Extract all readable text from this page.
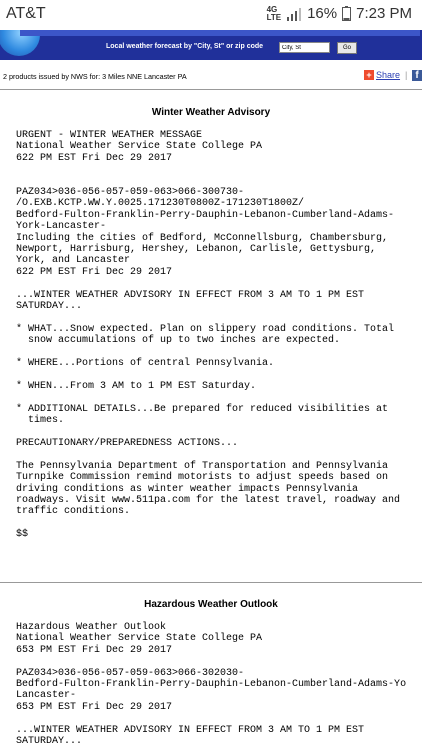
AT&T	4G
LTE 16% 7:23 PM
Local weather forecast by "City, St" or zip code
City, St	Go
2 products issued by NWS for: 3 Miles NNE Lancaster PA	+ Share | f
Winter Weather Advisory
URGENT - WINTER WEATHER MESSAGE
National Weather Service State College PA
622 PM EST Fri Dec 29 2017

PAZ034>036-056-057-059-063>066-300730-
/O.EXB.KCTP.WW.Y.0025.171230T0800Z-171230T1800Z/
Bedford-Fulton-Franklin-Perry-Dauphin-Lebanon-Cumberland-Adams-
York-Lancaster-
Including the cities of Bedford, McConnellsburg, Chambersburg,
Newport, Harrisburg, Hershey, Lebanon, Carlisle, Gettysburg,
York, and Lancaster
622 PM EST Fri Dec 29 2017

...WINTER WEATHER ADVISORY IN EFFECT FROM 3 AM TO 1 PM EST
SATURDAY...

* WHAT...Snow expected. Plan on slippery road conditions. Total
snow accumulations of up to two inches are expected.

* WHERE...Portions of central Pennsylvania.

* WHEN...From 3 AM to 1 PM EST Saturday.

* ADDITIONAL DETAILS...Be prepared for reduced visibilities at
times.

PRECAUTIONARY/PREPAREDNESS ACTIONS...

The Pennsylvania Department of Transportation and Pennsylvania
Turnpike Commission remind motorists to adjust speeds based on
driving conditions as winter weather impacts Pennsylvania
roadways. Visit www.511pa.com for the latest travel, roadway and
traffic conditions.

$$
Hazardous Weather Outlook
Hazardous Weather Outlook
National Weather Service State College PA
653 PM EST Fri Dec 29 2017

PAZ034>036-056-057-059-063>066-302030-
Bedford-Fulton-Franklin-Perry-Dauphin-Lebanon-Cumberland-Adams-Yo
Lancaster-
653 PM EST Fri Dec 29 2017

...WINTER WEATHER ADVISORY IN EFFECT FROM 3 AM TO 1 PM EST
SATURDAY...
